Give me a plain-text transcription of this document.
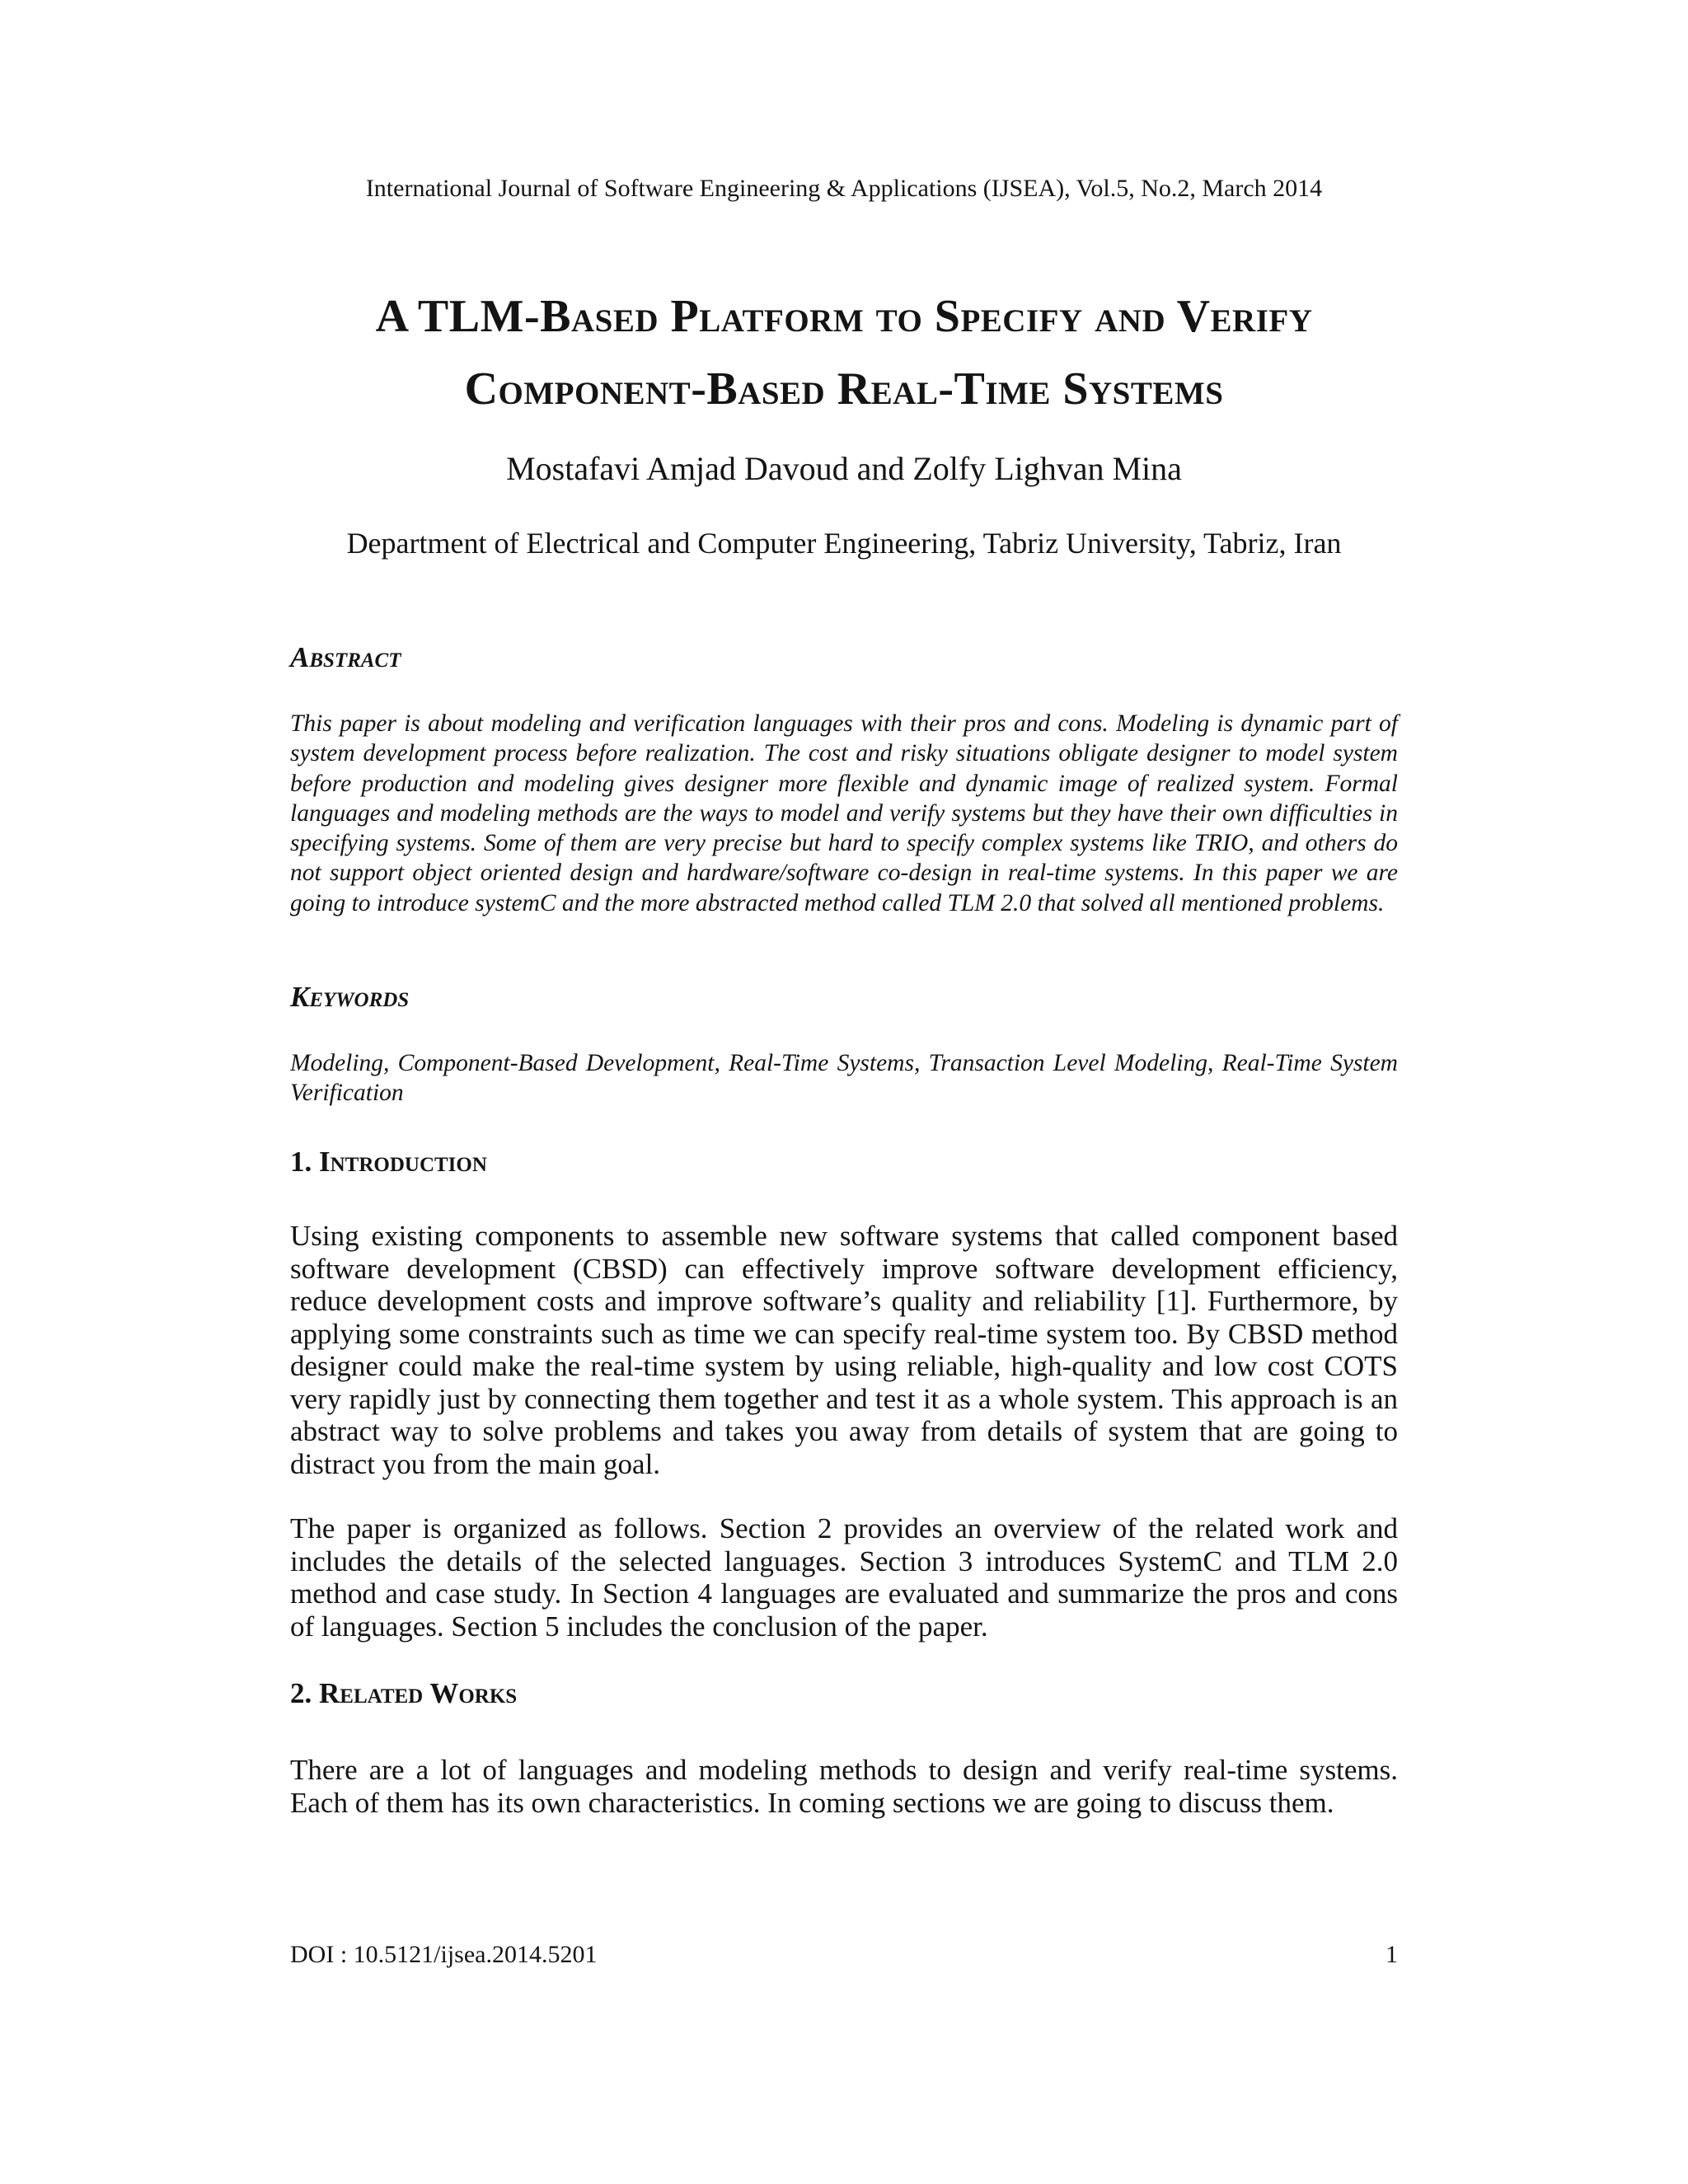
International Journal of Software Engineering & Applications (IJSEA), Vol.5, No.2, March 2014
A TLM-Based Platform to Specify and Verify
Component-Based Real-Time Systems
Mostafavi Amjad Davoud and Zolfy Lighvan Mina
Department of Electrical and Computer Engineering, Tabriz University, Tabriz, Iran
Abstract

This paper is about modeling and verification languages with their pros and cons. Modeling is dynamic part of system development process before realization. The cost and risky situations obligate designer to model system before production and modeling gives designer more flexible and dynamic image of realized system. Formal languages and modeling methods are the ways to model and verify systems but they have their own difficulties in specifying systems. Some of them are very precise but hard to specify complex systems like TRIO, and others do not support object oriented design and hardware/software co-design in real-time systems. In this paper we are going to introduce systemC and the more abstracted method called TLM 2.0 that solved all mentioned problems.

Keywords

Modeling, Component-Based Development, Real-Time Systems, Transaction Level Modeling, Real-Time System Verification

1. Introduction

Using existing components to assemble new software systems that called component based software development (CBSD) can effectively improve software development efficiency, reduce development costs and improve software’s quality and reliability [1]. Furthermore, by applying some constraints such as time we can specify real-time system too. By CBSD method designer could make the real-time system by using reliable, high-quality and low cost COTS very rapidly just by connecting them together and test it as a whole system. This approach is an abstract way to solve problems and takes you away from details of system that are going to distract you from the main goal.

The paper is organized as follows. Section 2 provides an overview of the related work and includes the details of the selected languages. Section 3 introduces SystemC and TLM 2.0 method and case study. In Section 4 languages are evaluated and summarize the pros and cons of languages. Section 5 includes the conclusion of the paper.

2. Related Works

There are a lot of languages and modeling methods to design and verify real-time systems. Each of them has its own characteristics. In coming sections we are going to discuss them.

DOI : 10.5121/ijsea.2014.5201	1
